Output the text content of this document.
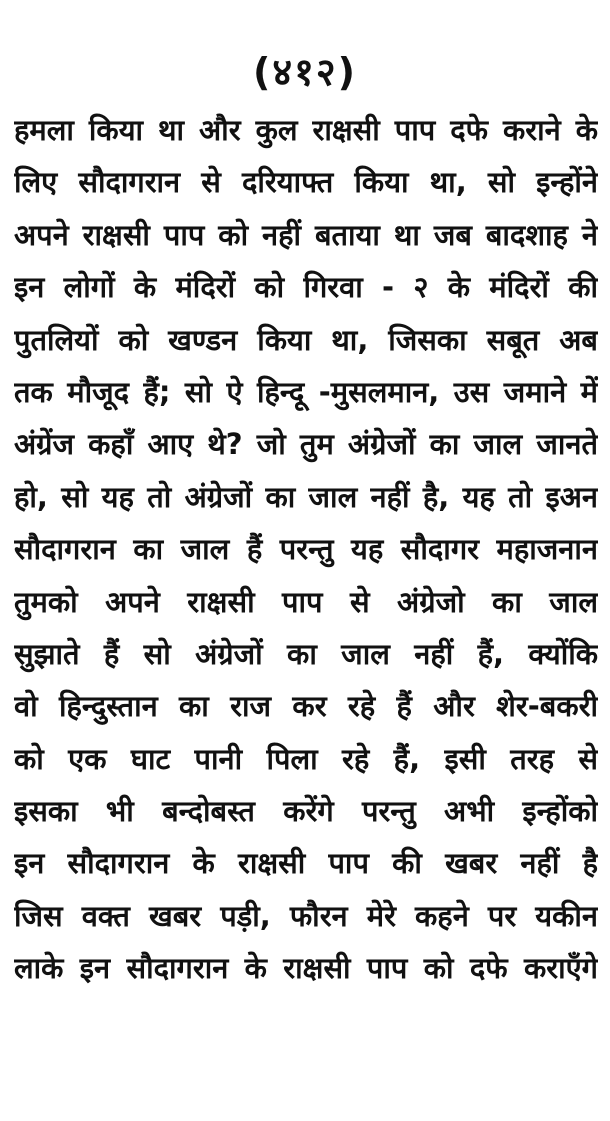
(४१२)
हमला किया था और कुल राक्षसी पाप दफे कराने के
लिए सौदागरान से दरियाफ्त किया था, सो इन्होंने
अपने राक्षसी पाप को नहीं बताया था जब बादशाह ने
इन लोगों के मंदिरों को गिरवा - २ के मंदिरों की
पुतलियों को खण्डन किया था, जिसका सबूत अब
तक मौजूद हैं; सो ऐ हिन्दू -मुसलमान, उस जमाने में
अंग्रेंज कहाँ आए थे? जो तुम अंग्रेजों का जाल जानते
हो, सो यह तो अंग्रेजों का जाल नहीं है, यह तो इअन
सौदागरान का जाल हैं परन्तु यह सौदागर महाजनान
तुमको अपने राक्षसी पाप से अंग्रेजो का जाल
सुझाते हैं सो अंग्रेजों का जाल नहीं हैं, क्योंकि
वो हिन्दुस्तान का राज कर रहे हैं और शेर-बकरी
को एक घाट पानी पिला रहे हैं, इसी तरह से
इसका भी बन्दोबस्त करेंगे परन्तु अभी इन्होंको
इन सौदागरान के राक्षसी पाप की खबर नहीं है
जिस वक्त खबर पड़ी, फौरन मेरे कहने पर यकीन
लाके इन सौदागरान के राक्षसी पाप को दफे कराएँगे
